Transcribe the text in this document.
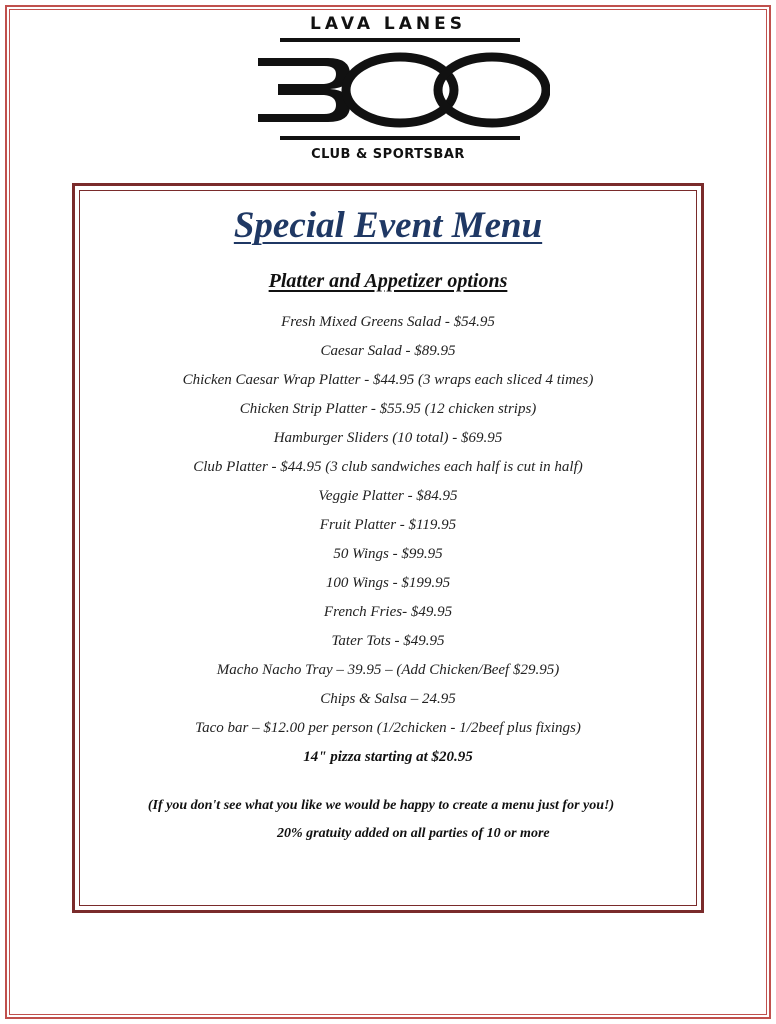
LAVA LANES
CLUB & SPORTSBAR
Special Event Menu
Platter and Appetizer options
Fresh Mixed Greens Salad - $54.95
Caesar Salad - $89.95
Chicken Caesar Wrap Platter - $44.95 (3 wraps each sliced 4 times)
Chicken Strip Platter - $55.95 (12 chicken strips)
Hamburger Sliders (10 total) - $69.95
Club Platter - $44.95 (3 club sandwiches each half is cut in half)
Veggie Platter - $84.95
Fruit Platter - $119.95
50 Wings - $99.95
100 Wings - $199.95
French Fries- $49.95
Tater Tots - $49.95
Macho Nacho Tray – 39.95 – (Add Chicken/Beef $29.95)
Chips & Salsa – 24.95
Taco bar – $12.00 per person (1/2chicken - 1/2beef plus fixings)
14" pizza starting at $20.95
(If you don't see what you like we would be happy to create a menu just for you!)
20% gratuity added on all parties of 10 or more
